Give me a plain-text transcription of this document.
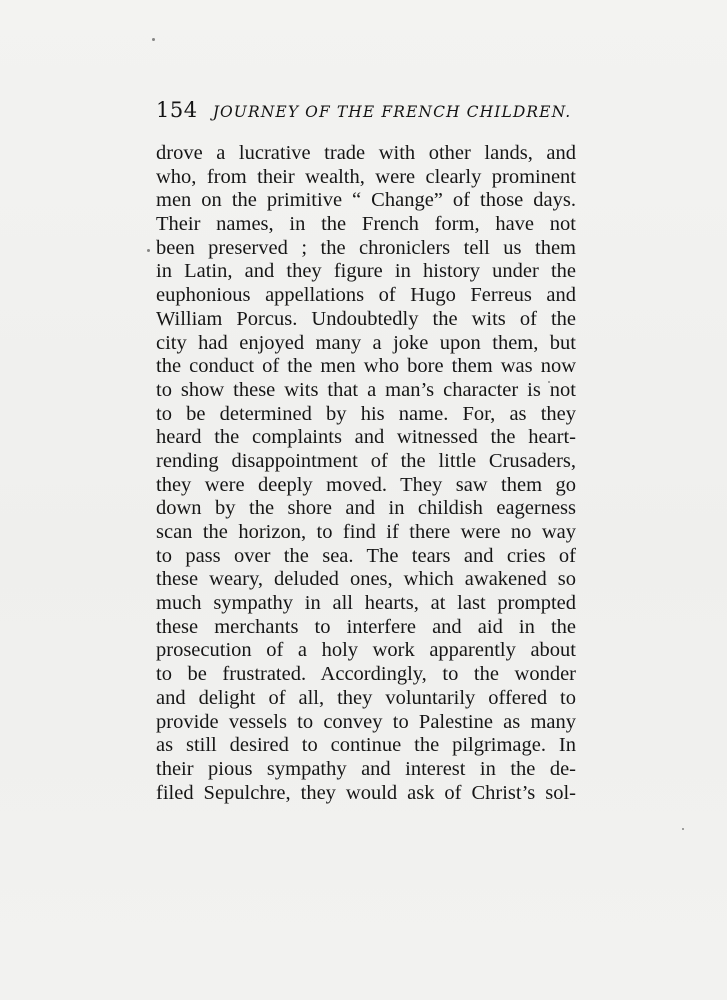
154 JOURNEY OF THE FRENCH CHILDREN.
drove a lucrative trade with other lands, and
who, from their wealth, were clearly prominent
men on the primitive “ Change” of those days.
Their names, in the French form, have not
been preserved ; the chroniclers tell us them
in Latin, and they figure in history under the
euphonious appellations of Hugo Ferreus and
William Porcus. Undoubtedly the wits of the
city had enjoyed many a joke upon them, but
the conduct of the men who bore them was now
to show these wits that a man’s character is not
to be determined by his name. For, as they
heard the complaints and witnessed the heart-
rending disappointment of the little Crusaders,
they were deeply moved. They saw them go
down by the shore and in childish eagerness
scan the horizon, to find if there were no way
to pass over the sea. The tears and cries of
these weary, deluded ones, which awakened so
much sympathy in all hearts, at last prompted
these merchants to interfere and aid in the
prosecution of a holy work apparently about
to be frustrated. Accordingly, to the wonder
and delight of all, they voluntarily offered to
provide vessels to convey to Palestine as many
as still desired to continue the pilgrimage. In
their pious sympathy and interest in the de-
filed Sepulchre, they would ask of Christ’s sol-
